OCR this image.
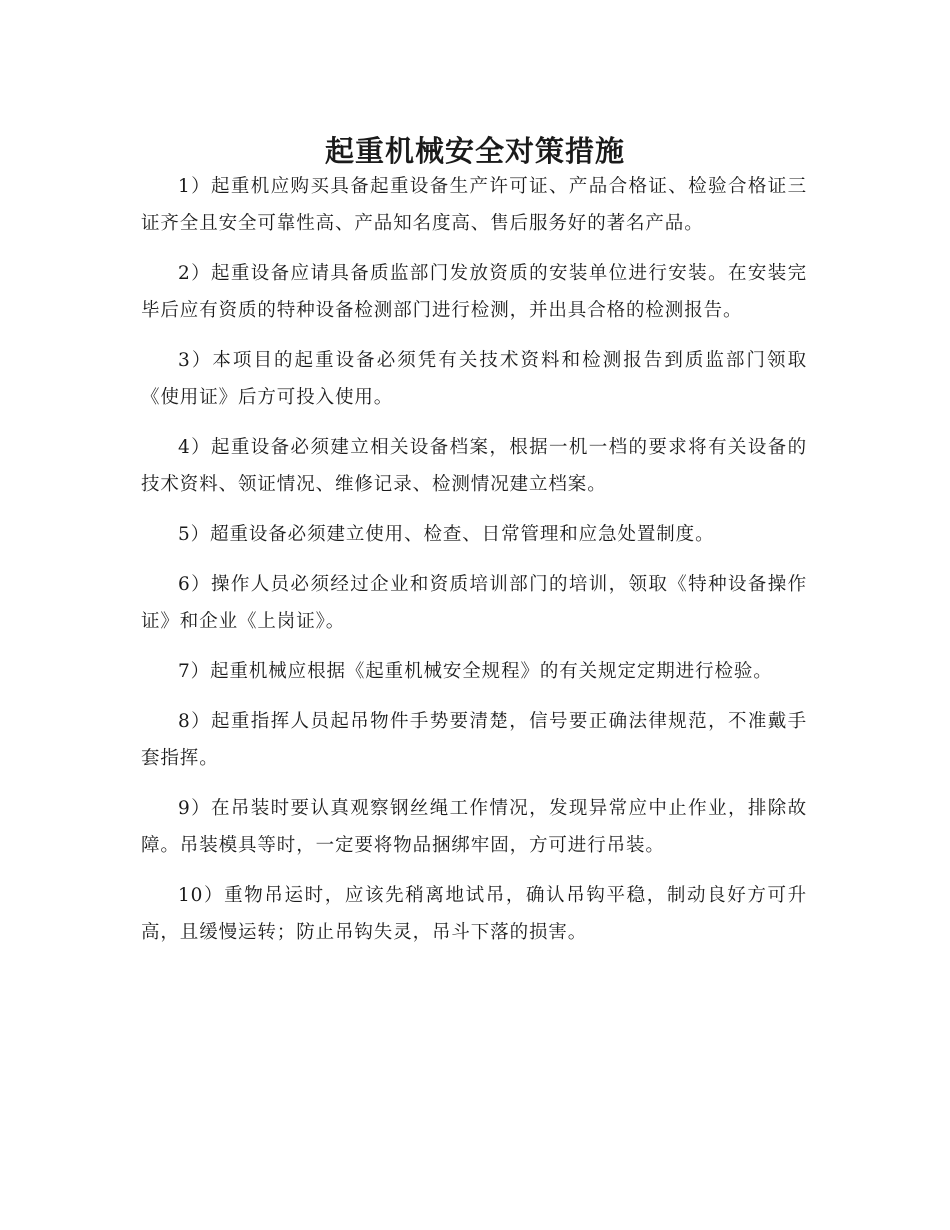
起重机械安全对策措施

1）起重机应购买具备起重设备生产许可证、产品合格证、检验合格证三证齐全且安全可靠性高、产品知名度高、售后服务好的著名产品。

2）起重设备应请具备质监部门发放资质的安装单位进行安装。在安装完毕后应有资质的特种设备检测部门进行检测，并出具合格的检测报告。

3）本项目的起重设备必须凭有关技术资料和检测报告到质监部门领取《使用证》后方可投入使用。

4）起重设备必须建立相关设备档案，根据一机一档的要求将有关设备的技术资料、领证情况、维修记录、检测情况建立档案。

5）超重设备必须建立使用、检查、日常管理和应急处置制度。

6）操作人员必须经过企业和资质培训部门的培训，领取《特种设备操作证》和企业《上岗证》。

7）起重机械应根据《起重机械安全规程》的有关规定定期进行检验。

8）起重指挥人员起吊物件手势要清楚，信号要正确法律规范，不准戴手套指挥。

9）在吊装时要认真观察钢丝绳工作情况，发现异常应中止作业，排除故障。吊装模具等时，一定要将物品捆绑牢固，方可进行吊装。

10）重物吊运时，应该先稍离地试吊，确认吊钩平稳，制动良好方可升高，且缓慢运转；防止吊钩失灵，吊斗下落的损害。
